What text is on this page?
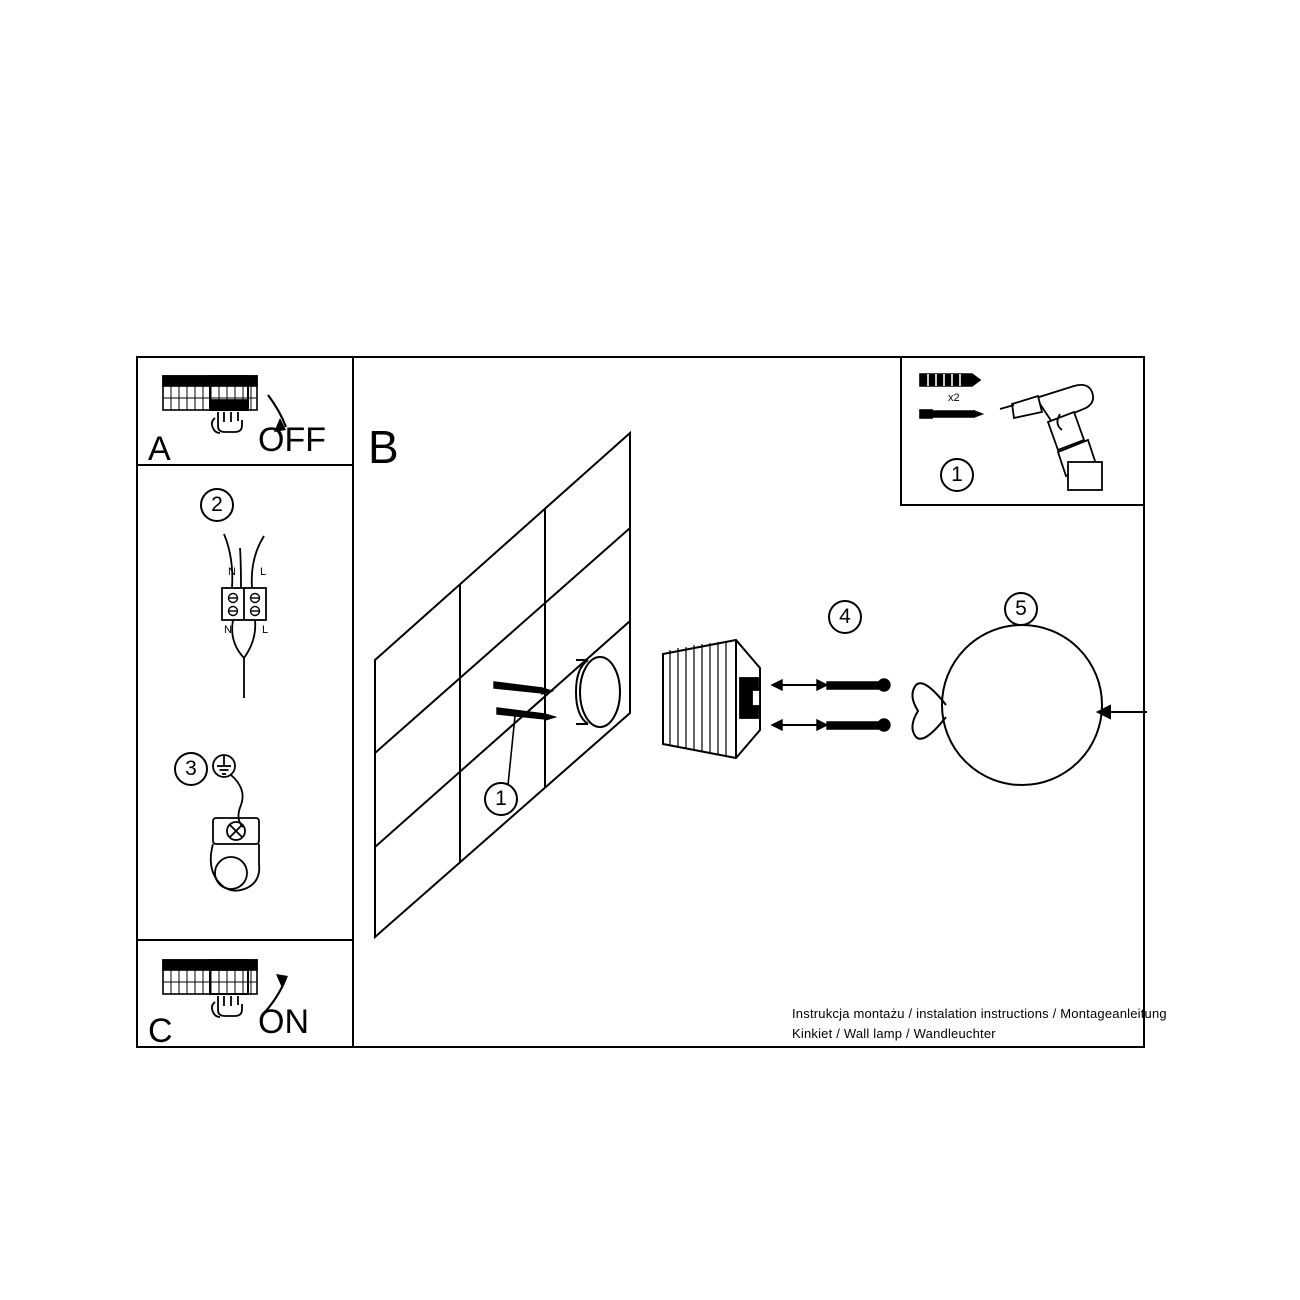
A	OFF B
C ON
2
3
1
4	5
1
x2
N L
N	L
Instrukcja montażu / instalation instructions / Montageanleitung
Kinkiet / Wall lamp / Wandleuchter
